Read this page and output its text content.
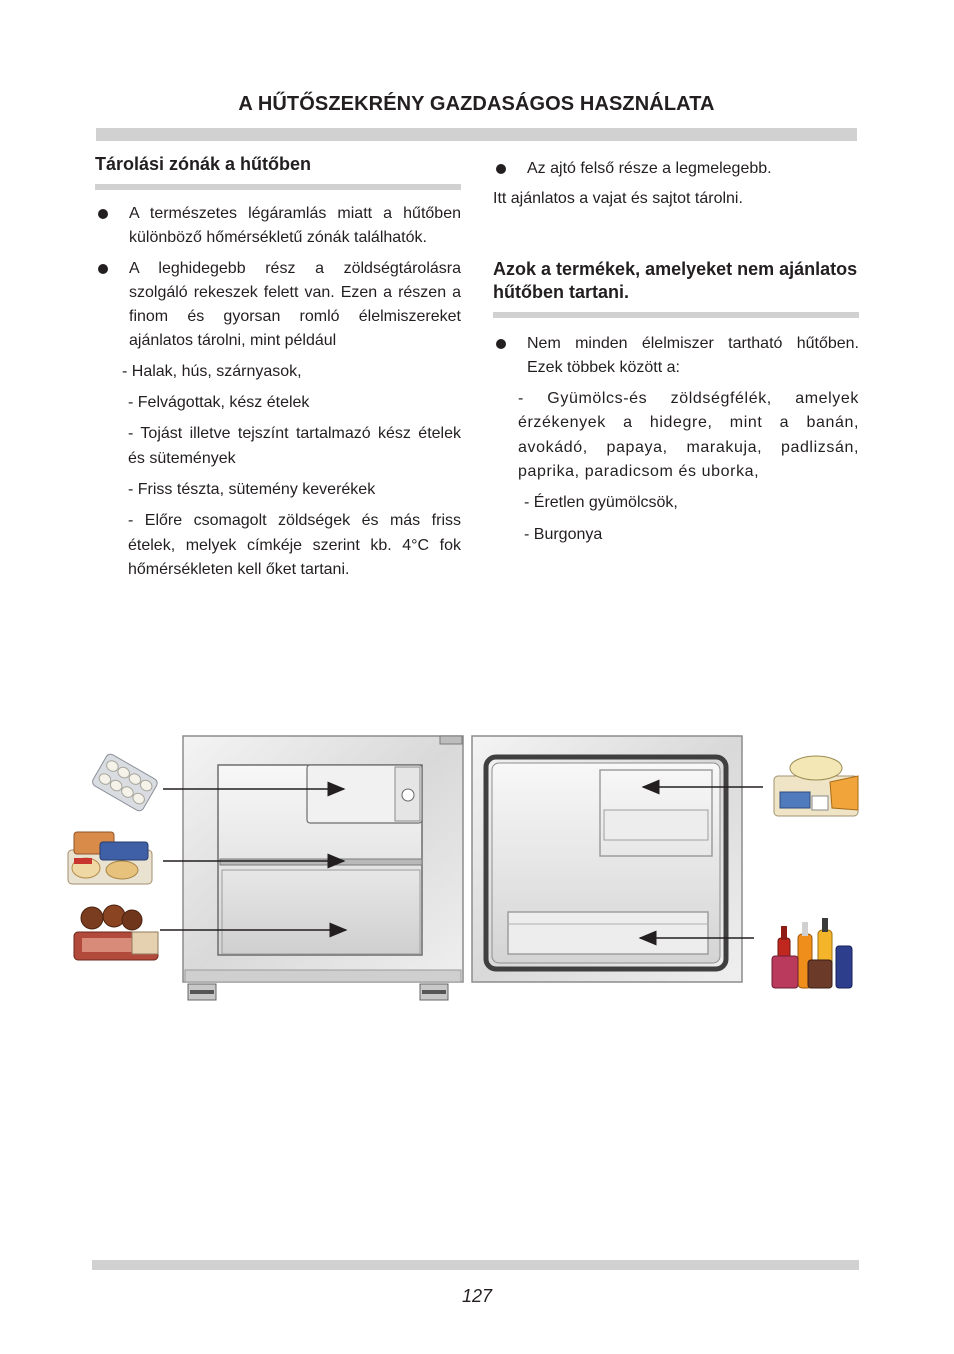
A HŰTŐSZEKRÉNY GAZDASÁGOS HASZNÁLATA

Tárolási zónák a hűtőben

A természetes légáramlás miatt a hűtőben különböző hőmérsékletű zónák találhatók.

A leghidegebb rész a zöldségtárolásra szolgáló rekeszek felett van. Ezen a részen a finom és gyorsan romló élelmiszereket ajánlatos tárolni, mint például

- Halak, hús, szárnyasok,

- Felvágottak, kész ételek

- Tojást illetve tejszínt tartalmazó kész ételek és sütemények

- Friss tészta, sütemény keverékek

- Előre csomagolt zöldségek és más friss ételek, melyek címkéje szerint kb. 4°C fok hőmérsékleten kell őket tartani.

Az ajtó felső része a legmelegebb.

Itt ajánlatos a vajat és sajtot tárolni.

Azok a termékek, amelyeket nem ajánlatos hűtőben tartani.

Nem minden élelmiszer tartható hűtőben. Ezek többek között a:

- Gyümölcs-és zöldségfélék, amelyek érzékenyek a hidegre, mint a banán, avokádó, papaya, marakuja, padlizsán, paprika, paradicsom és uborka,

- Éretlen gyümölcsök,

- Burgonya

127
